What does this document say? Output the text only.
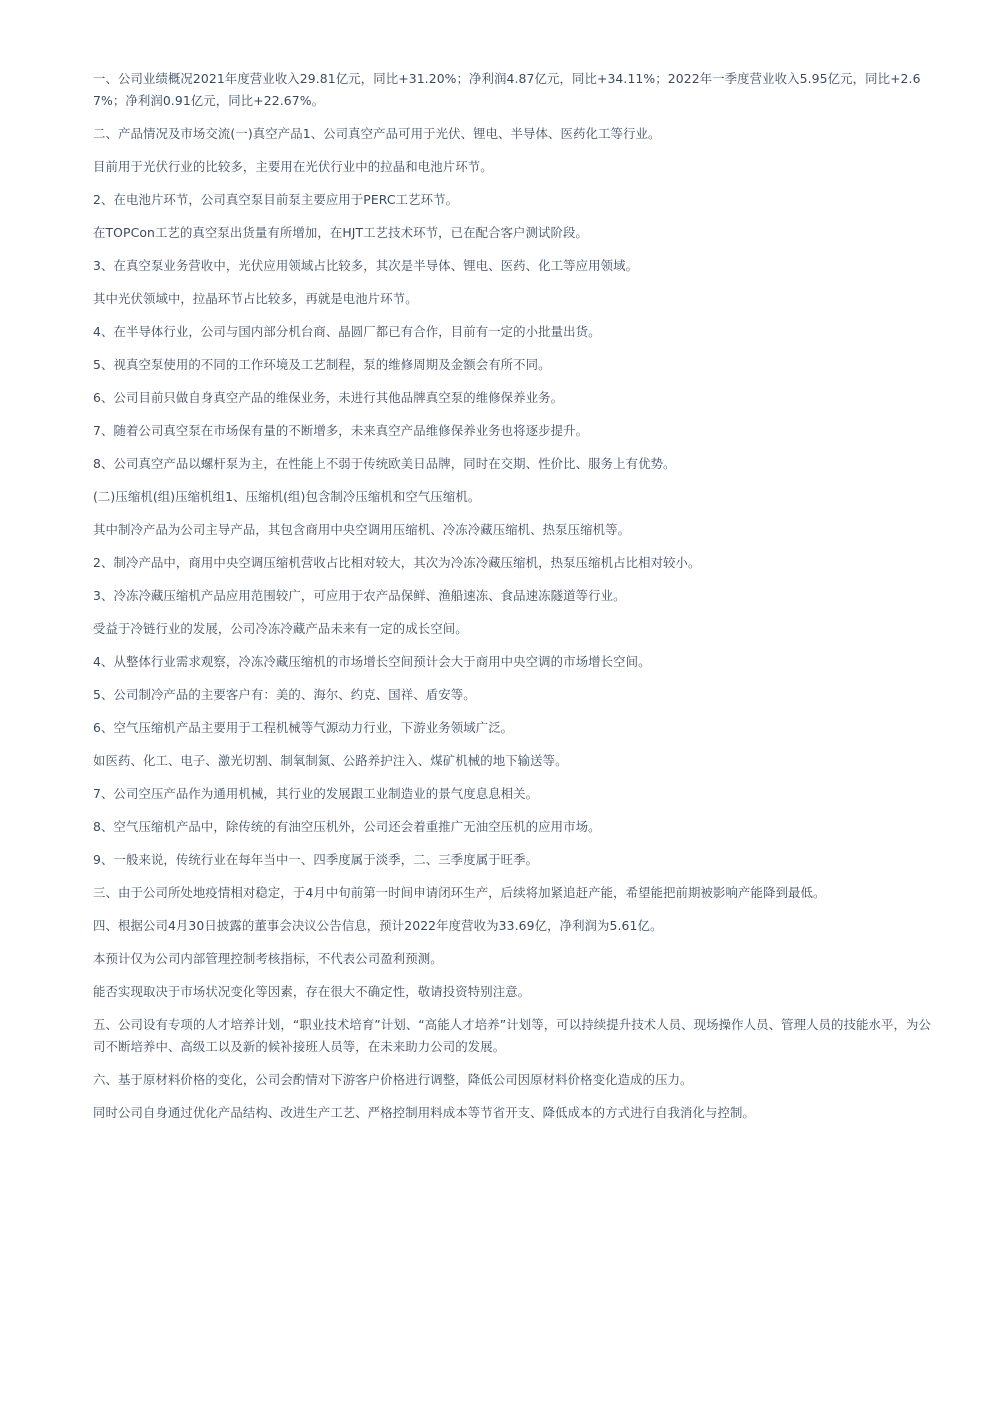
一、公司业绩概况2021年度营业收入29.81亿元，同比+31.20%；净利润4.87亿元，同比+34.11%；2022年一季度营业收入5.95亿元，同比+2.67%；净利润0.91亿元，同比+22.67%。

二、产品情况及市场交流(一)真空产品1、公司真空产品可用于光伏、锂电、半导体、医药化工等行业。

目前用于光伏行业的比较多，主要用在光伏行业中的拉晶和电池片环节。

2、在电池片环节，公司真空泵目前泵主要应用于PERC工艺环节。

在TOPCon工艺的真空泵出货量有所增加，在HJT工艺技术环节，已在配合客户测试阶段。

3、在真空泵业务营收中，光伏应用领域占比较多，其次是半导体、锂电、医药、化工等应用领域。

其中光伏领域中，拉晶环节占比较多，再就是电池片环节。

4、在半导体行业，公司与国内部分机台商、晶圆厂都已有合作，目前有一定的小批量出货。

5、视真空泵使用的不同的工作环境及工艺制程，泵的维修周期及金额会有所不同。

6、公司目前只做自身真空产品的维保业务，未进行其他品牌真空泵的维修保养业务。

7、随着公司真空泵在市场保有量的不断增多，未来真空产品维修保养业务也将逐步提升。

8、公司真空产品以螺杆泵为主，在性能上不弱于传统欧美日品牌，同时在交期、性价比、服务上有优势。

(二)压缩机(组)压缩机组1、压缩机(组)包含制冷压缩机和空气压缩机。

其中制冷产品为公司主导产品，其包含商用中央空调用压缩机、冷冻冷藏压缩机、热泵压缩机等。

2、制冷产品中，商用中央空调压缩机营收占比相对较大，其次为冷冻冷藏压缩机，热泵压缩机占比相对较小。

3、冷冻冷藏压缩机产品应用范围较广，可应用于农产品保鲜、渔船速冻、食品速冻隧道等行业。

受益于冷链行业的发展，公司冷冻冷藏产品未来有一定的成长空间。

4、从整体行业需求观察，冷冻冷藏压缩机的市场增长空间预计会大于商用中央空调的市场增长空间。

5、公司制冷产品的主要客户有：美的、海尔、约克、国祥、盾安等。

6、空气压缩机产品主要用于工程机械等气源动力行业，下游业务领域广泛。

如医药、化工、电子、激光切割、制氧制氮、公路养护注入、煤矿机械的地下输送等。

7、公司空压产品作为通用机械，其行业的发展跟工业制造业的景气度息息相关。

8、空气压缩机产品中，除传统的有油空压机外，公司还会着重推广无油空压机的应用市场。

9、一般来说，传统行业在每年当中一、四季度属于淡季，二、三季度属于旺季。

三、由于公司所处地疫情相对稳定，于4月中旬前第一时间申请闭环生产，后续将加紧追赶产能，希望能把前期被影响产能降到最低。

四、根据公司4月30日披露的董事会决议公告信息，预计2022年度营收为33.69亿，净利润为5.61亿。

本预计仅为公司内部管理控制考核指标，不代表公司盈利预测。

能否实现取决于市场状况变化等因素，存在很大不确定性，敬请投资特别注意。

五、公司设有专项的人才培养计划，“职业技术培育”计划、“高能人才培养”计划等，可以持续提升技术人员、现场操作人员、管理人员的技能水平，为公司不断培养中、高级工以及新的候补接班人员等，在未来助力公司的发展。

六、基于原材料价格的变化，公司会酌情对下游客户价格进行调整，降低公司因原材料价格变化造成的压力。

同时公司自身通过优化产品结构、改进生产工艺、严格控制用料成本等节省开支、降低成本的方式进行自我消化与控制。
